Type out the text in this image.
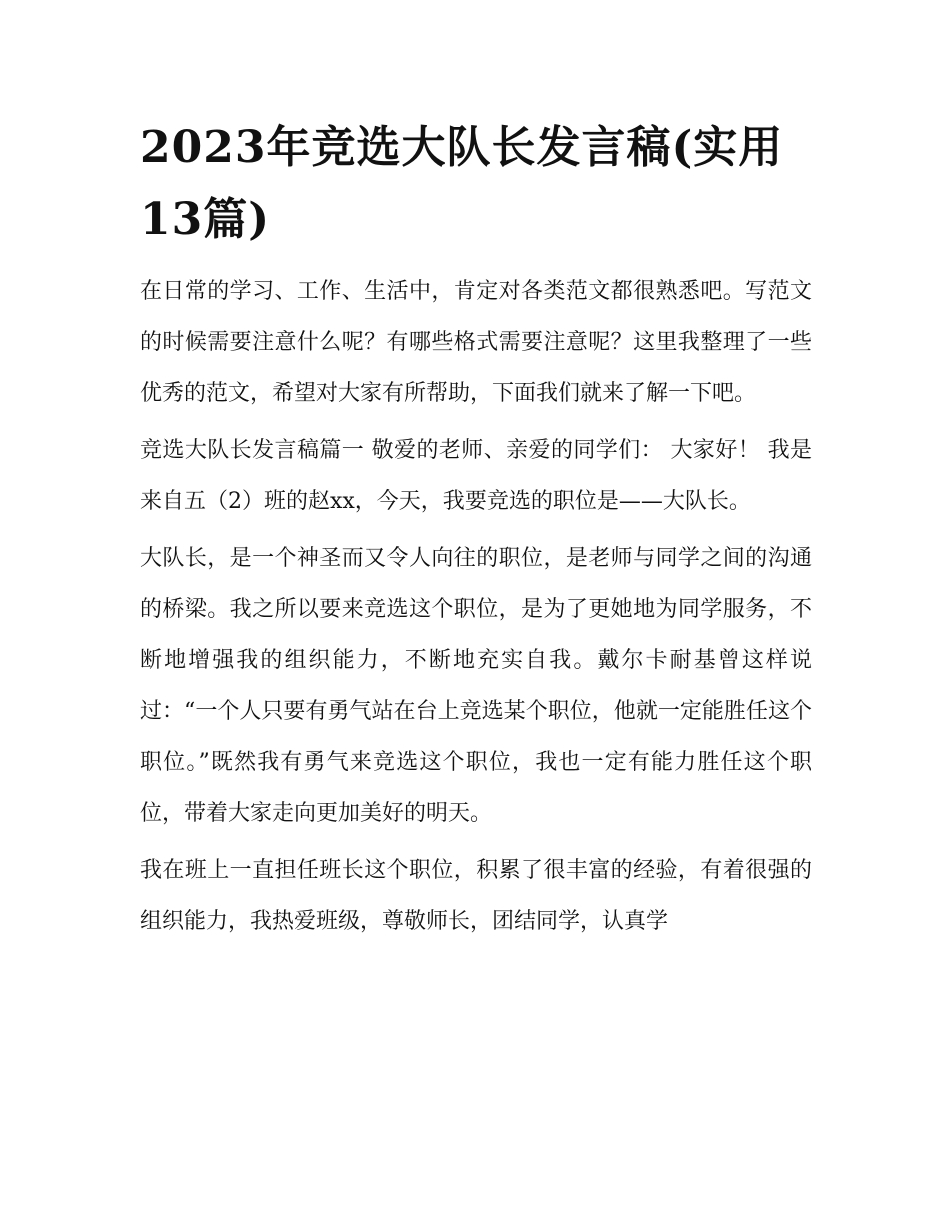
2023年竞选大队长发言稿(实用13篇)

在日常的学习、工作、生活中，肯定对各类范文都很熟悉吧。写范文的时候需要注意什么呢？有哪些格式需要注意呢？这里我整理了一些优秀的范文，希望对大家有所帮助，下面我们就来了解一下吧。

竞选大队长发言稿篇一 敬爱的老师、亲爱的同学们： 大家好！ 我是来自五（2）班的赵xx，今天，我要竞选的职位是——大队长。

大队长，是一个神圣而又令人向往的职位，是老师与同学之间的沟通的桥梁。我之所以要来竞选这个职位，是为了更她地为同学服务，不断地增强我的组织能力，不断地充实自我。戴尔卡耐基曾这样说过：“一个人只要有勇气站在台上竞选某个职位，他就一定能胜任这个职位。”既然我有勇气来竞选这个职位，我也一定有能力胜任这个职位，带着大家走向更加美好的明天。

我在班上一直担任班长这个职位，积累了很丰富的经验，有着很强的组织能力，我热爱班级，尊敬师长，团结同学，认真学
